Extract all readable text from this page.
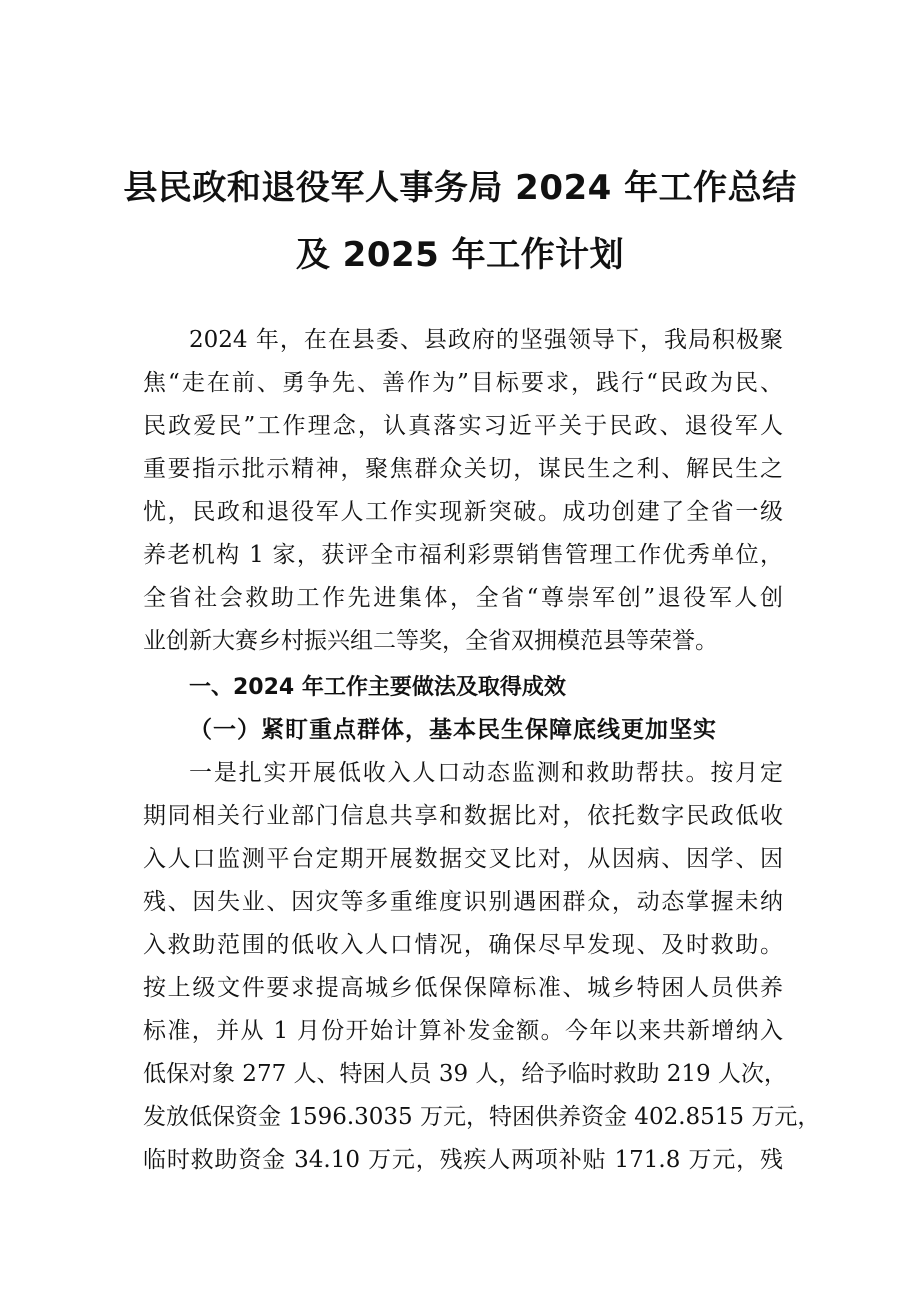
县民政和退役军人事务局 2024 年工作总结
及 2025 年工作计划
2024 年，在在县委、县政府的坚强领导下，我局积极聚
焦“走在前、勇争先、善作为”目标要求，践行“民政为民、
民政爱民”工作理念，认真落实习近平关于民政、退役军人
重要指示批示精神，聚焦群众关切，谋民生之利、解民生之
忧，民政和退役军人工作实现新突破。成功创建了全省一级
养老机构 1 家，获评全市福利彩票销售管理工作优秀单位，
全省社会救助工作先进集体，全省“尊崇军创”退役军人创
业创新大赛乡村振兴组二等奖，全省双拥模范县等荣誉。
一、2024 年工作主要做法及取得成效
（一）紧盯重点群体，基本民生保障底线更加坚实
一是扎实开展低收入人口动态监测和救助帮扶。按月定
期同相关行业部门信息共享和数据比对，依托数字民政低收
入人口监测平台定期开展数据交叉比对，从因病、因学、因
残、因失业、因灾等多重维度识别遇困群众，动态掌握未纳
入救助范围的低收入人口情况，确保尽早发现、及时救助。
按上级文件要求提高城乡低保保障标准、城乡特困人员供养
标准，并从 1 月份开始计算补发金额。今年以来共新增纳入
低保对象 277 人、特困人员 39 人，给予临时救助 219 人次，
发放低保资金 1596.3035 万元，特困供养资金 402.8515 万元，
临时救助资金 34.10 万元，残疾人两项补贴 171.8 万元，残
